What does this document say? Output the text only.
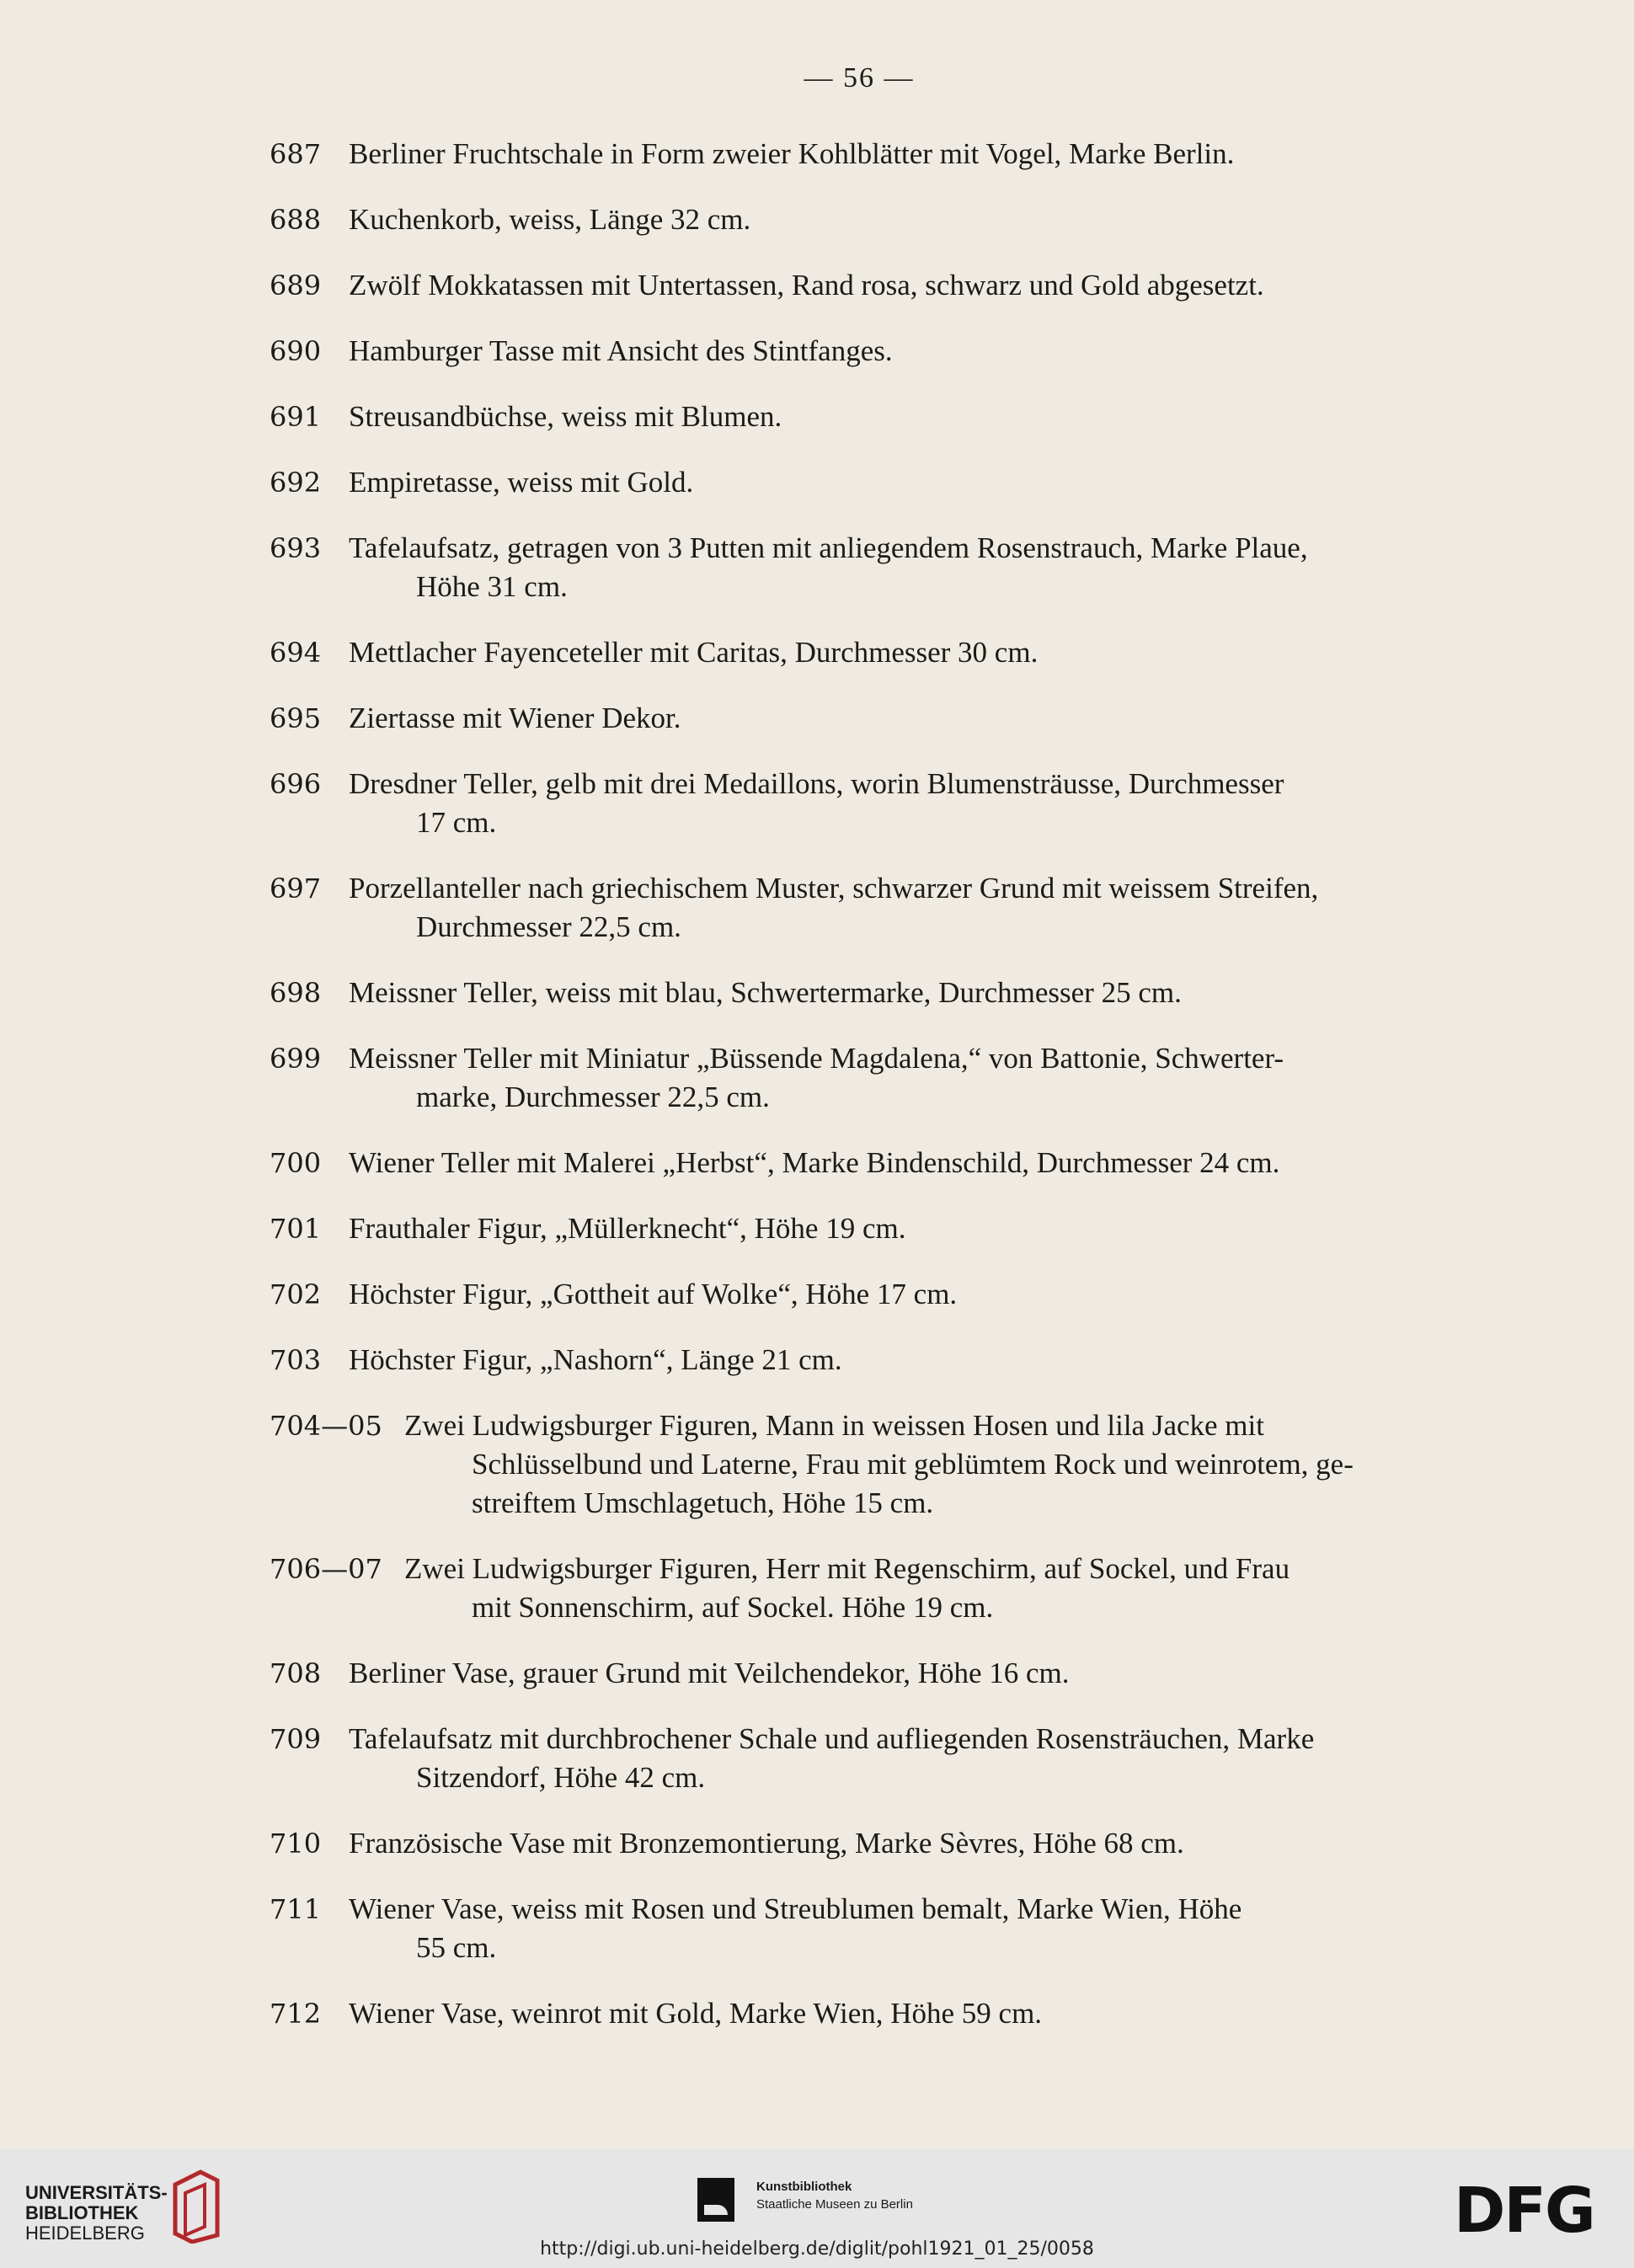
— 56 —
687 Berliner Fruchtschale in Form zweier Kohlblätter mit Vogel, Marke Berlin.
688 Kuchenkorb, weiss, Länge 32 cm.
689 Zwölf Mokkatassen mit Untertassen, Rand rosa, schwarz und Gold abgesetzt.
690 Hamburger Tasse mit Ansicht des Stintfanges.
691 Streusandbüchse, weiss mit Blumen.
692 Empiretasse, weiss mit Gold.
693 Tafelaufsatz, getragen von 3 Putten mit anliegendem Rosenstrauch, Marke Plaue,
Höhe 31 cm.
694 Mettlacher Fayenceteller mit Caritas, Durchmesser 30 cm.
695 Ziertasse mit Wiener Dekor.
696 Dresdner Teller, gelb mit drei Medaillons, worin Blumensträusse, Durchmesser
17 cm.
697 Porzellanteller nach griechischem Muster, schwarzer Grund mit weissem Streifen,
Durchmesser 22,5 cm.
698 Meissner Teller, weiss mit blau, Schwertermarke, Durchmesser 25 cm.
699 Meissner Teller mit Miniatur „Büssende Magdalena,“ von Battonie, Schwerter-
marke, Durchmesser 22,5 cm.
700 Wiener Teller mit Malerei „Herbst“, Marke Bindenschild, Durchmesser 24 cm.
701 Frauthaler Figur, „Müllerknecht“, Höhe 19 cm.
702 Höchster Figur, „Gottheit auf Wolke“, Höhe 17 cm.
703 Höchster Figur, „Nashorn“, Länge 21 cm.
704—05 Zwei Ludwigsburger Figuren, Mann in weissen Hosen und lila Jacke mit
Schlüsselbund und Laterne, Frau mit geblümtem Rock und weinrotem, ge-
streiftem Umschlagetuch, Höhe 15 cm.
706—07 Zwei Ludwigsburger Figuren, Herr mit Regenschirm, auf Sockel, und Frau
mit Sonnenschirm, auf Sockel. Höhe 19 cm.
708 Berliner Vase, grauer Grund mit Veilchendekor, Höhe 16 cm.
709 Tafelaufsatz mit durchbrochener Schale und aufliegenden Rosensträuchen, Marke
Sitzendorf, Höhe 42 cm.
710 Französische Vase mit Bronzemontierung, Marke Sèvres, Höhe 68 cm.
711 Wiener Vase, weiss mit Rosen und Streublumen bemalt, Marke Wien, Höhe
55 cm.
712 Wiener Vase, weinrot mit Gold, Marke Wien, Höhe 59 cm.
UNIVERSITÄTS-
BIBLIOTHEK
HEIDELBERG
Kunstbibliothek
Staatliche Museen zu Berlin	DFG
http://digi.ub.uni-heidelberg.de/diglit/pohl1921_01_25/0058
